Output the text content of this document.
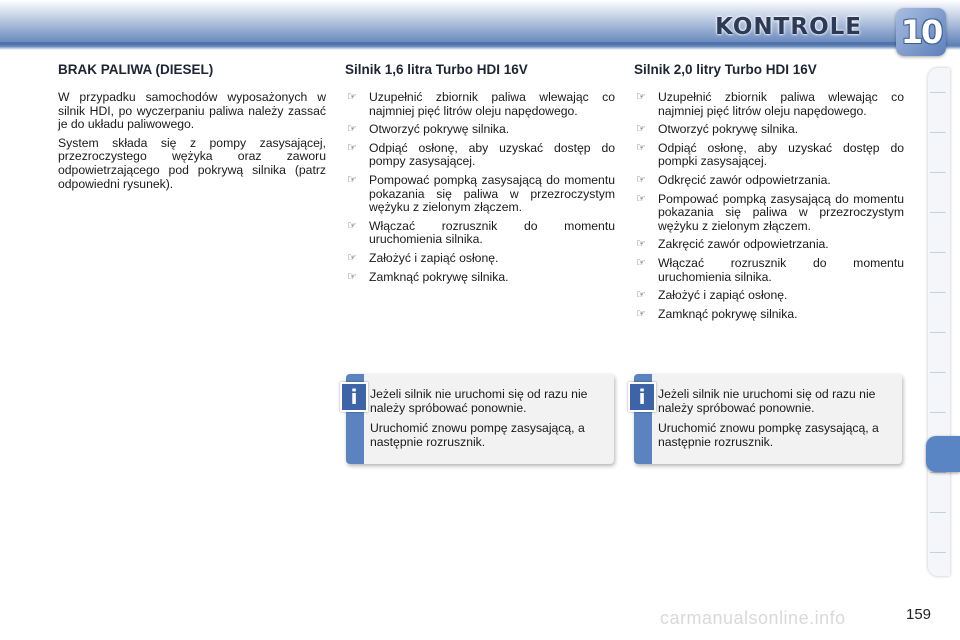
KONTROLE 10
BRAK PALIWA (DIESEL)

W przypadku samochodów wyposażonych w silnik HDI, po wyczerpaniu paliwa należy zassać je do układu paliwowego.

System składa się z pompy zasysającej, przezroczystego wężyka oraz zaworu odpowietrzającego pod pokrywą silnika (patrz odpowiedni rysunek).

Silnik 1,6 litra Turbo HDI 16V
☞ Uzupełnić zbiornik paliwa wlewając co najmniej pięć litrów oleju napędowego.
☞ Otworzyć pokrywę silnika.
☞ Odpiąć osłonę, aby uzyskać dostęp do pompy zasysającej.
☞ Pompować pompką zasysającą do momentu pokazania się paliwa w przezroczystym wężyku z zielonym złączem.
☞ Włączać rozrusznik do momentu uruchomienia silnika.
☞ Założyć i zapiąć osłonę.
☞ Zamknąć pokrywę silnika.
Silnik 2,0 litry Turbo HDI 16V
☞ Uzupełnić zbiornik paliwa wlewając co najmniej pięć litrów oleju napędowego.
☞ Otworzyć pokrywę silnika.
☞ Odpiąć osłonę, aby uzyskać dostęp do pompki zasysającej.
☞ Odkręcić zawór odpowietrzania.
☞ Pompować pompką zasysającą do momentu pokazania się paliwa w przezroczystym wężyku z zielonym złączem.
☞ Zakręcić zawór odpowietrzania.
☞ Włączać rozrusznik do momentu uruchomienia silnika.
☞ Założyć i zapiąć osłonę.
☞ Zamknąć pokrywę silnika.
i	Jeżeli silnik nie uruchomi się od razu nie należy spróbować ponownie.

Uruchomić znowu pompę zasysającą, a następnie rozrusznik.

i	Jeżeli silnik nie uruchomi się od razu nie należy spróbować ponownie.

Uruchomić znowu pompkę zasysającą, a następnie rozrusznik.

carmanualsonline.info	159
